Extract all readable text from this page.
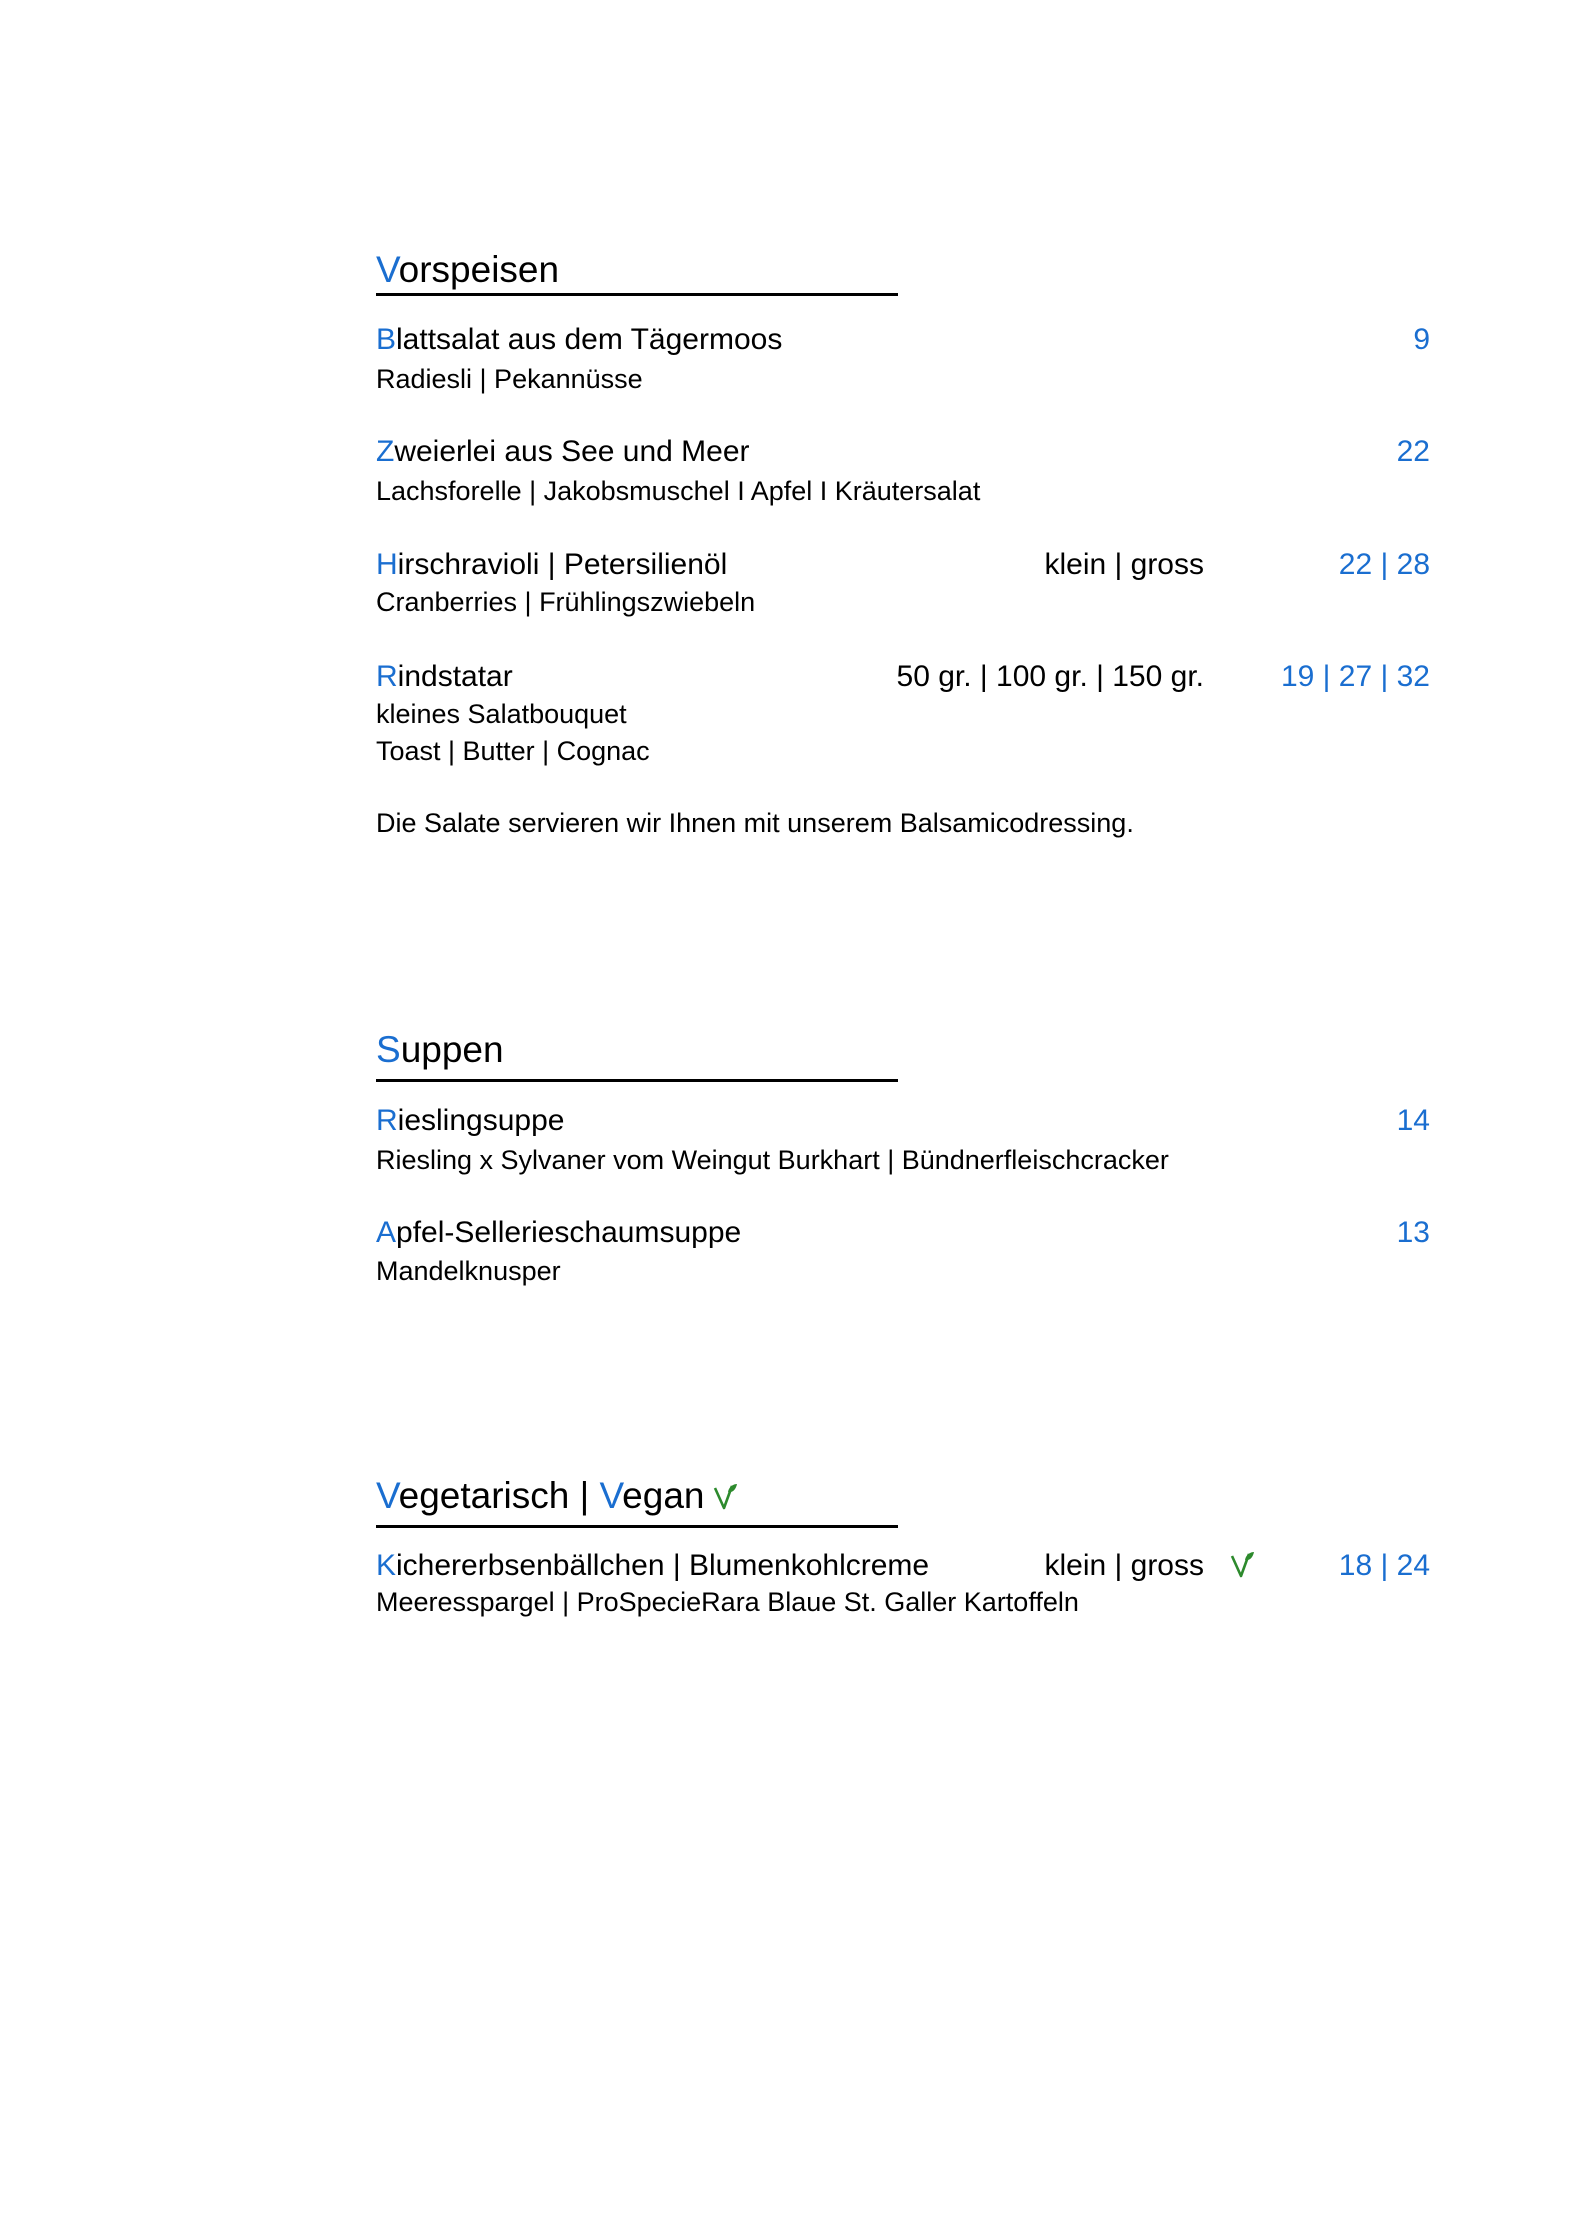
Vorspeisen
Blattsalat aus dem Tägermoos	9
Radiesli | Pekannüsse
Zweierlei aus See und Meer	22
Lachsforelle | Jakobsmuschel I Apfel I Kräutersalat
Hirschravioli | Petersilienöl	klein | gross	22 | 28
Cranberries | Frühlingszwiebeln
Rindstatar	50 gr. | 100 gr. | 150 gr.	19 | 27 | 32
kleines Salatbouquet
Toast | Butter | Cognac
Die Salate servieren wir Ihnen mit unserem Balsamicodressing.
Suppen
Rieslingsuppe	14
Riesling x Sylvaner vom Weingut Burkhart | Bündnerfleischcracker
Apfel-Sellerieschaumsuppe	13
Mandelknusper
Vegetarisch | Vegan
Kichererbsenbällchen | Blumenkohlcreme	klein | gross	18 | 24
Meeresspargel | ProSpecieRara Blaue St. Galler Kartoffeln
